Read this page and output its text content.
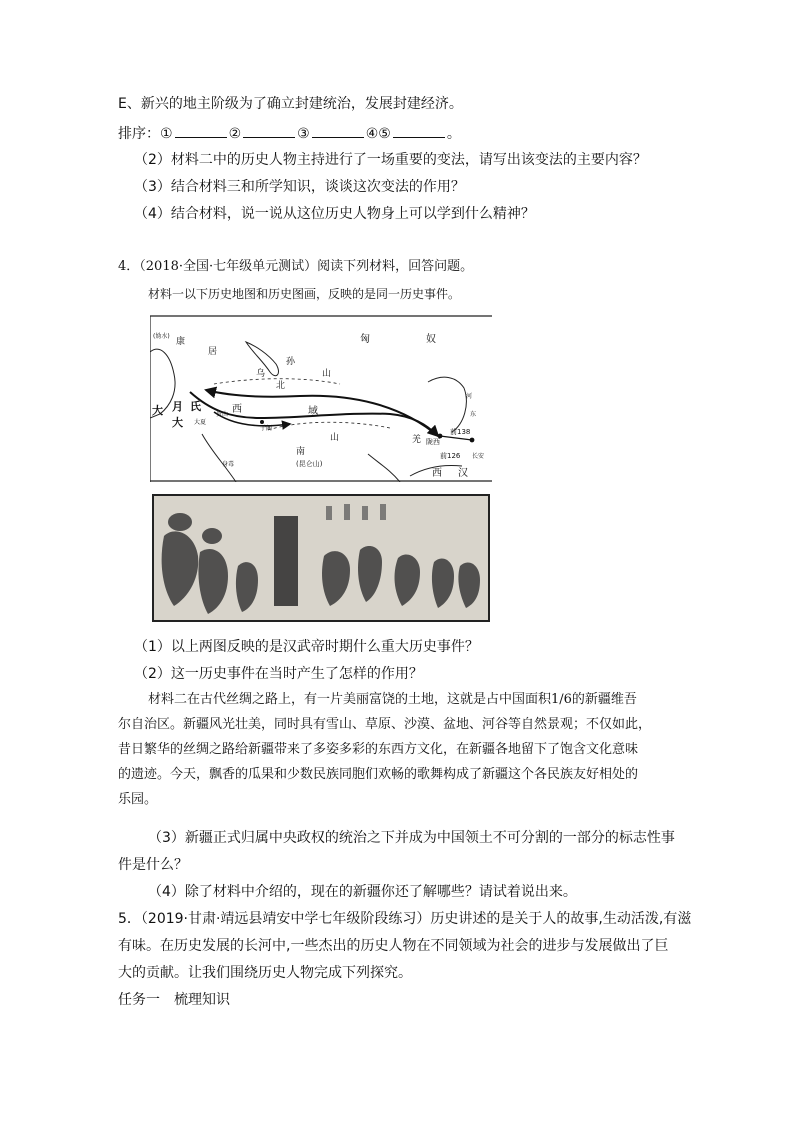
E、新兴的地主阶级为了确立封建统治，发展封建经济。
排序：①	②	③	④⑤	。
（2）材料二中的历史人物主持进行了一场重要的变法，请写出该变法的主要内容？
（3）结合材料三和所学知识，谈谈这次变法的作用？
（4）结合材料，说一说从这位历史人物身上可以学到什么精神？
4．（2018·全国·七年级单元测试）阅读下列材料，回答问题。
材料一以下历史地图和历史图画，反映的是同一历史事件。
匈	奴
(妫水)
康
居
乌
孙
山
北
大
大
月 氏
贵山
大夏
西	域
于阗
山
南
(昆仑山)
羌 陇西
前138
前126 长安
西 汉
身毒
河
东
（1）以上两图反映的是汉武帝时期什么重大历史事件？
（2）这一历史事件在当时产生了怎样的作用？
材料二在古代丝绸之路上，有一片美丽富饶的土地，这就是占中国面积1/6的新疆维吾
尔自治区。新疆风光壮美，同时具有雪山、草原、沙漠、盆地、河谷等自然景观；不仅如此，
昔日繁华的丝绸之路给新疆带来了多姿多彩的东西方文化，在新疆各地留下了饱含文化意味
的遗迹。今天，飘香的瓜果和少数民族同胞们欢畅的歌舞构成了新疆这个各民族友好相处的
乐园。
（3）新疆正式归属中央政权的统治之下并成为中国领土不可分割的一部分的标志性事
件是什么？
（4）除了材料中介绍的，现在的新疆你还了解哪些？请试着说出来。
5．（2019·甘肃·靖远县靖安中学七年级阶段练习）历史讲述的是关于人的故事,生动活泼,有滋
有味。在历史发展的长河中,一些杰出的历史人物在不同领域为社会的进步与发展做出了巨
大的贡献。让我们围绕历史人物完成下列探究。
任务一　梳理知识
